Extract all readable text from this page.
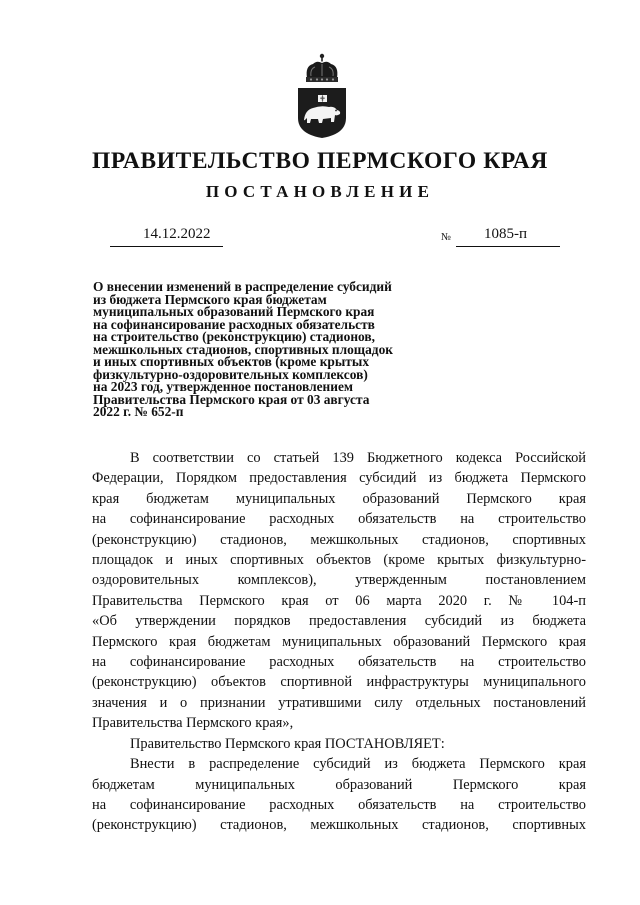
ПРАВИТЕЛЬСТВО ПЕРМСКОГО КРАЯ
ПОСТАНОВЛЕНИЕ
14.12.2022	№ 1085-п
О внесении изменений в распределение субсидий
из бюджета Пермского края бюджетам
муниципальных образований Пермского края
на софинансирование расходных обязательств
на строительство (реконструкцию) стадионов,
межшкольных стадионов, спортивных площадок
и иных спортивных объектов (кроме крытых
физкультурно-оздоровительных комплексов)
на 2023 год, утвержденное постановлением
Правительства Пермского края от 03 августа
2022 г. № 652-п
В соответствии со статьей 139 Бюджетного кодекса Российской
Федерации, Порядком предоставления субсидий из бюджета Пермского
края бюджетам муниципальных образований Пермского края
на софинансирование расходных обязательств на строительство
(реконструкцию) стадионов, межшкольных стадионов, спортивных
площадок и иных спортивных объектов (кроме крытых физкультурно-
оздоровительных комплексов), утвержденным постановлением
Правительства Пермского края от 06 марта 2020 г. № 104-п
«Об утверждении порядков предоставления субсидий из бюджета
Пермского края бюджетам муниципальных образований Пермского края
на софинансирование расходных обязательств на строительство
(реконструкцию) объектов спортивной инфраструктуры муниципального
значения и о признании утратившими силу отдельных постановлений
Правительства Пермского края»,
Правительство Пермского края ПОСТАНОВЛЯЕТ:
Внести в распределение субсидий из бюджета Пермского края
бюджетам муниципальных образований Пермского края
на софинансирование расходных обязательств на строительство
(реконструкцию) стадионов, межшкольных стадионов, спортивных
